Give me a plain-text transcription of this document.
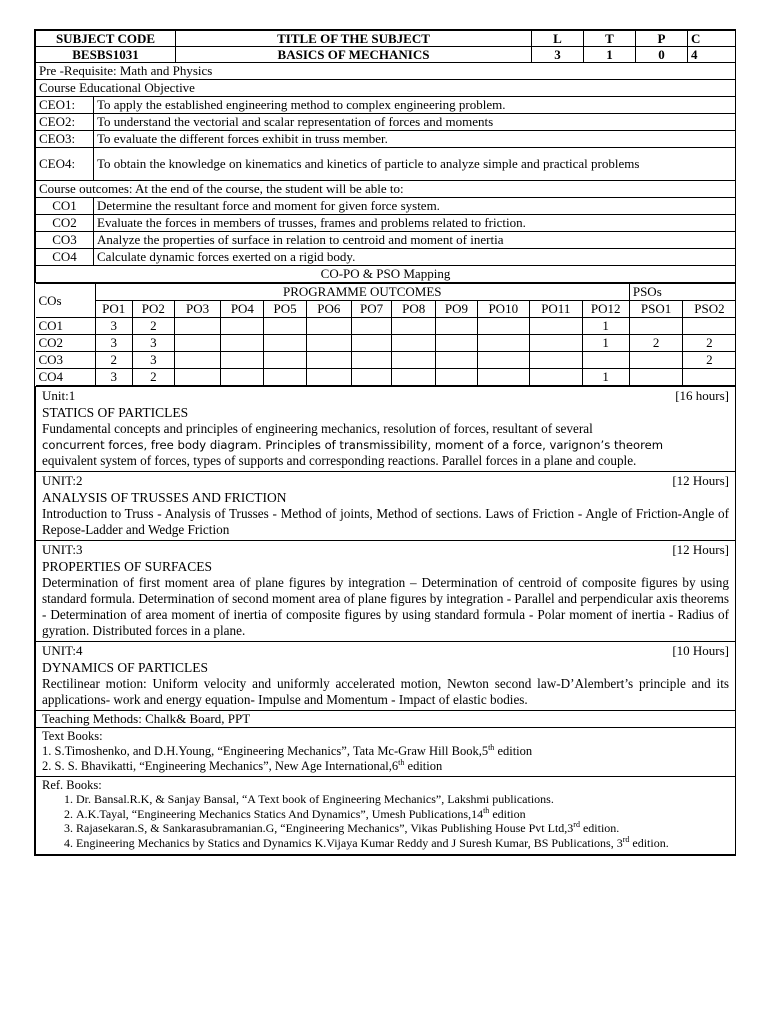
SUBJECT CODE	TITLE OF THE SUBJECT	L	T	P	C
BESBS1031	BASICS OF MECHANICS	3	1	0	4
Pre -Requisite: Math and Physics
Course Educational Objective
CEO1:	To apply the established engineering method to complex engineering problem.
CEO2:	To understand the vectorial and scalar representation of forces and moments
CEO3:	To evaluate the different forces exhibit in truss member.
CEO4:	To obtain the knowledge on kinematics and kinetics of particle to analyze simple and practical problems
Course outcomes: At the end of the course, the student will be able to:
CO1	Determine the resultant force and moment for given force system.
CO2	Evaluate the forces in members of trusses, frames and problems related to friction.
CO3	Analyze the properties of surface in relation to centroid and moment of inertia
CO4	Calculate dynamic forces exerted on a rigid body.
CO-PO & PSO Mapping

COs	PROGRAMME OUTCOMES	PSOs
PO1	PO2	PO3	PO4	PO5	PO6	PO7	PO8	PO9	PO10	PO11	PO12	PSO1	PSO2
CO1	3	2										1		
CO2	3	3										1	2	2
CO3	2	3												2
CO4	3	2										1		

Unit:1	[16 hours]
STATICS OF PARTICLES
Fundamental concepts and principles of engineering mechanics, resolution of forces, resultant of several
concurrent forces, free body diagram. Principles of transmissibility, moment of a force, varignon’s theorem
equivalent system of forces, types of supports and corresponding reactions. Parallel forces in a plane and couple.

UNIT:2	[12 Hours]
ANALYSIS OF TRUSSES AND FRICTION
Introduction to Truss - Analysis of Trusses - Method of joints, Method of sections. Laws of Friction - Angle of Friction-Angle of Repose-Ladder and Wedge Friction

UNIT:3	[12 Hours]
PROPERTIES OF SURFACES
Determination of first moment area of plane figures by integration – Determination of centroid of composite figures by using standard formula. Determination of second moment area of plane figures by integration - Parallel and perpendicular axis theorems - Determination of area moment of inertia of composite figures by using standard formula - Polar moment of inertia - Radius of gyration. Distributed forces in a plane.

UNIT:4	[10 Hours]
DYNAMICS OF PARTICLES
Rectilinear motion: Uniform velocity and uniformly accelerated motion, Newton second law-D’Alembert’s principle and its applications- work and energy equation- Impulse and Momentum - Impact of elastic bodies.

Teaching Methods: Chalk& Board, PPT

Text Books:
1. S.Timoshenko, and D.H.Young, “Engineering Mechanics”, Tata Mc-Graw Hill Book,5th edition
2. S. S. Bhavikatti, “Engineering Mechanics”, New Age International,6th edition

Ref. Books:
1. Dr. Bansal.R.K, & Sanjay Bansal, “A Text book of Engineering Mechanics”, Lakshmi publications.
2. A.K.Tayal, “Engineering Mechanics Statics And Dynamics”, Umesh Publications,14th edition
3. Rajasekaran.S, & Sankarasubramanian.G, “Engineering Mechanics”, Vikas Publishing House Pvt Ltd,3rd edition.
4. Engineering Mechanics by Statics and Dynamics K.Vijaya Kumar Reddy and J Suresh Kumar, BS Publications, 3rd edition.
